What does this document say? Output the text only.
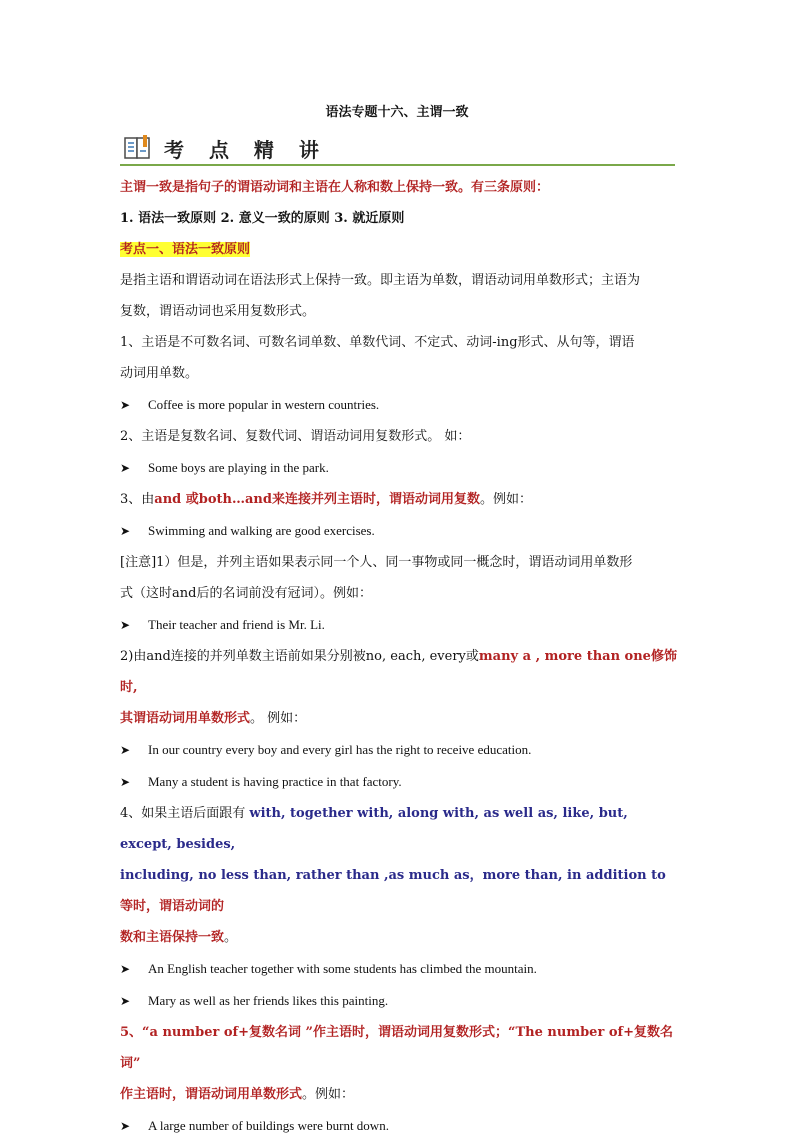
语法专题十六、主谓一致
考 点 精 讲

主谓一致是指句子的谓语动词和主语在人称和数上保持一致。有三条原则：

1. 语法一致原则 2. 意义一致的原则 3. 就近原则

考点一、语法一致原则

是指主语和谓语动词在语法形式上保持一致。即主语为单数，谓语动词用单数形式；主语为

复数，谓语动词也采用复数形式。

1、主语是不可数名词、可数名词单数、单数代词、不定式、动词-ing形式、从句等，谓语

动词用单数。

➤ Coffee is more popular in western countries.

2、主语是复数名词、复数代词、谓语动词用复数形式。 如：

➤ Some boys are playing in the park.

3、由and 或both…and来连接并列主语时，谓语动词用复数。例如：

➤ Swimming and walking are good exercises.

[注意]1）但是，并列主语如果表示同一个人、同一事物或同一概念时，谓语动词用单数形

式（这时and后的名词前没有冠词）。例如：

➤ Their teacher and friend is Mr. Li.

2)由and连接的并列单数主语前如果分别被no, each, every或many a , more than one修饰时,

其谓语动词用单数形式。 例如：

➤ In our country every boy and every girl has the right to receive education.

➤ Many a student is having practice in that factory.

4、如果主语后面跟有 with, together with, along with, as well as, like, but, except, besides,

including, no less than, rather than ,as much as，more than, in addition to等时，谓语动词的

数和主语保持一致。

➤ An English teacher together with some students has climbed the mountain.

➤ Mary as well as her friends likes this painting.

5、“a number of+复数名词 ”作主语时，谓语动词用复数形式；“The number of+复数名词”

作主语时，谓语动词用单数形式。例如：

➤ A large number of buildings were burnt down.
